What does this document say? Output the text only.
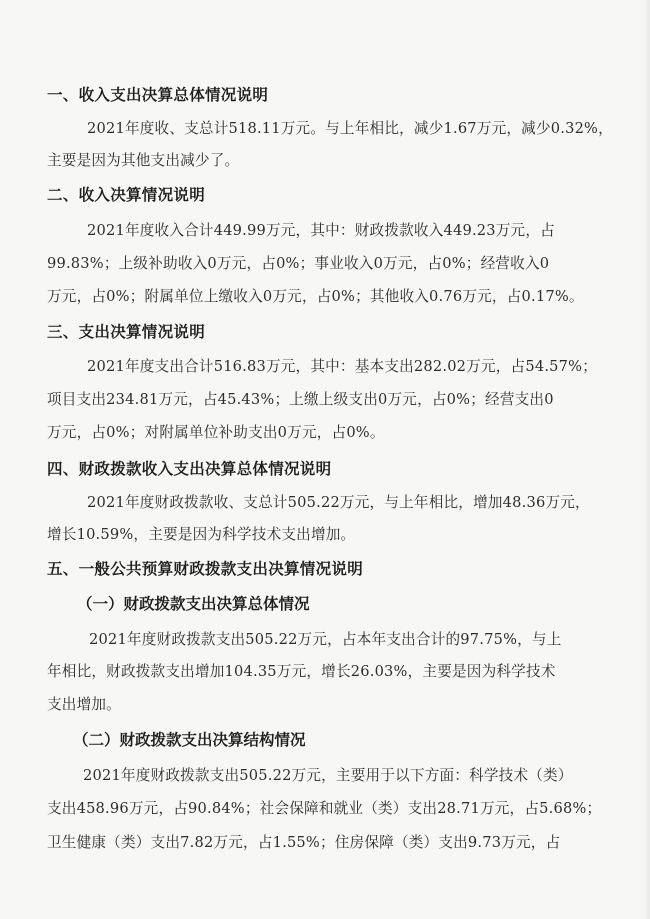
一、收入支出决算总体情况说明
2021年度收、支总计518.11万元。与上年相比，减少1.67万元，减少0.32%，
主要是因为其他支出减少了。
二、收入决算情况说明
2021年度收入合计449.99万元，其中：财政拨款收入449.23万元，占
99.83%；上级补助收入0万元，占0%；事业收入0万元，占0%；经营收入0
万元，占0%；附属单位上缴收入0万元，占0%；其他收入0.76万元，占0.17%。
三、支出决算情况说明
2021年度支出合计516.83万元，其中：基本支出282.02万元，占54.57%；
项目支出234.81万元，占45.43%；上缴上级支出0万元，占0%；经营支出0
万元，占0%；对附属单位补助支出0万元，占0%。
四、财政拨款收入支出决算总体情况说明
2021年度财政拨款收、支总计505.22万元，与上年相比，增加48.36万元，
增长10.59%，主要是因为科学技术支出增加。
五、一般公共预算财政拨款支出决算情况说明
（一）财政拨款支出决算总体情况
2021年度财政拨款支出505.22万元，占本年支出合计的97.75%，与上
年相比，财政拨款支出增加104.35万元，增长26.03%，主要是因为科学技术
支出增加。
（二）财政拨款支出决算结构情况
2021年度财政拨款支出505.22万元，主要用于以下方面：科学技术（类）
支出458.96万元，占90.84%；社会保障和就业（类）支出28.71万元，占5.68%；
卫生健康（类）支出7.82万元，占1.55%；住房保障（类）支出9.73万元，占
